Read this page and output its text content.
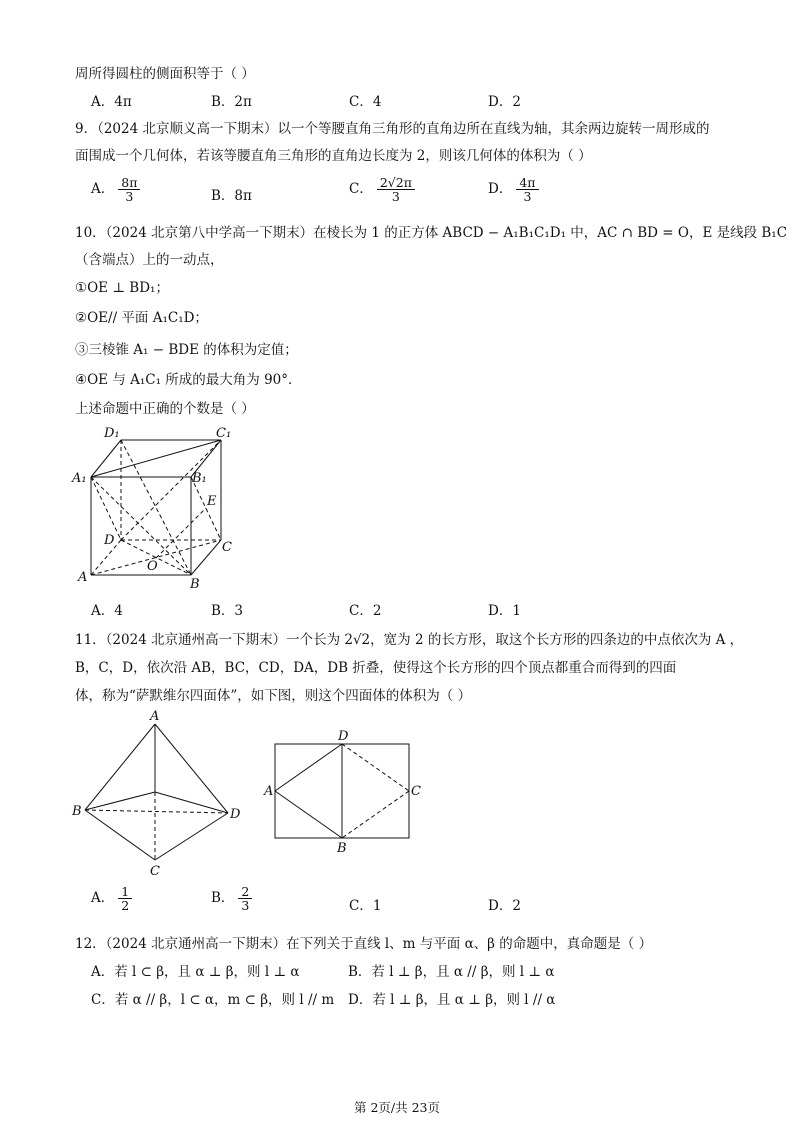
周所得圆柱的侧面积等于（ ）
A．4π	B．2π	C．4	D．2
9．（2024 北京顺义高一下期末）以一个等腰直角三角形的直角边所在直线为轴，其余两边旋转一周形成的
面围成一个几何体，若该等腰直角三角形的直角边长度为 2，则该几何体的体积为（ ）
A． $\frac{8\pi}{3}$	B．8π	C． $\frac{2√2\pi}{3}$	D． $\frac{4\pi}{3}$
10．（2024 北京第八中学高一下期末）在棱长为 1 的正方体 ABCD − A₁B₁C₁D₁ 中，AC ∩ BD = O，E 是线段 B₁C
（含端点）上的一动点，
①OE ⊥ BD₁；
②OE// 平面 A₁C₁D；
③三棱锥 A₁ − BDE 的体积为定值；
④OE 与 A₁C₁ 所成的最大角为 90°．
上述命题中正确的个数是（ ）
D₁	C₁
A₁	B₁
E
D	C
O
A	B
A．4	B．3	C．2	D．1
11．（2024 北京通州高一下期末）一个长为 2√2，宽为 2 的长方形，取这个长方形的四条边的中点依次为 A ，
B，C，D，依次沿 AB，BC，CD，DA，DB 折叠，使得这个长方形的四个顶点都重合而得到的四面
体，称为“萨默维尔四面体”，如下图，则这个四面体的体积为（ ）
A
B	D
C
D
A	C
B
A． $\frac{1}{2}$	B． $\frac{2}{3}$	C．1	D．2
12．（2024 北京通州高一下期末）在下列关于直线 l、m 与平面 α、β 的命题中，真命题是（ ）
A．若 l ⊂ β，且 α ⊥ β，则 l ⊥ α	B．若 l ⊥ β，且 α // β，则 l ⊥ α
C．若 α // β，l ⊂ α，m ⊂ β，则 l // m D．若 l ⊥ β，且 α ⊥ β，则 l // α
第 2页/共 23页
